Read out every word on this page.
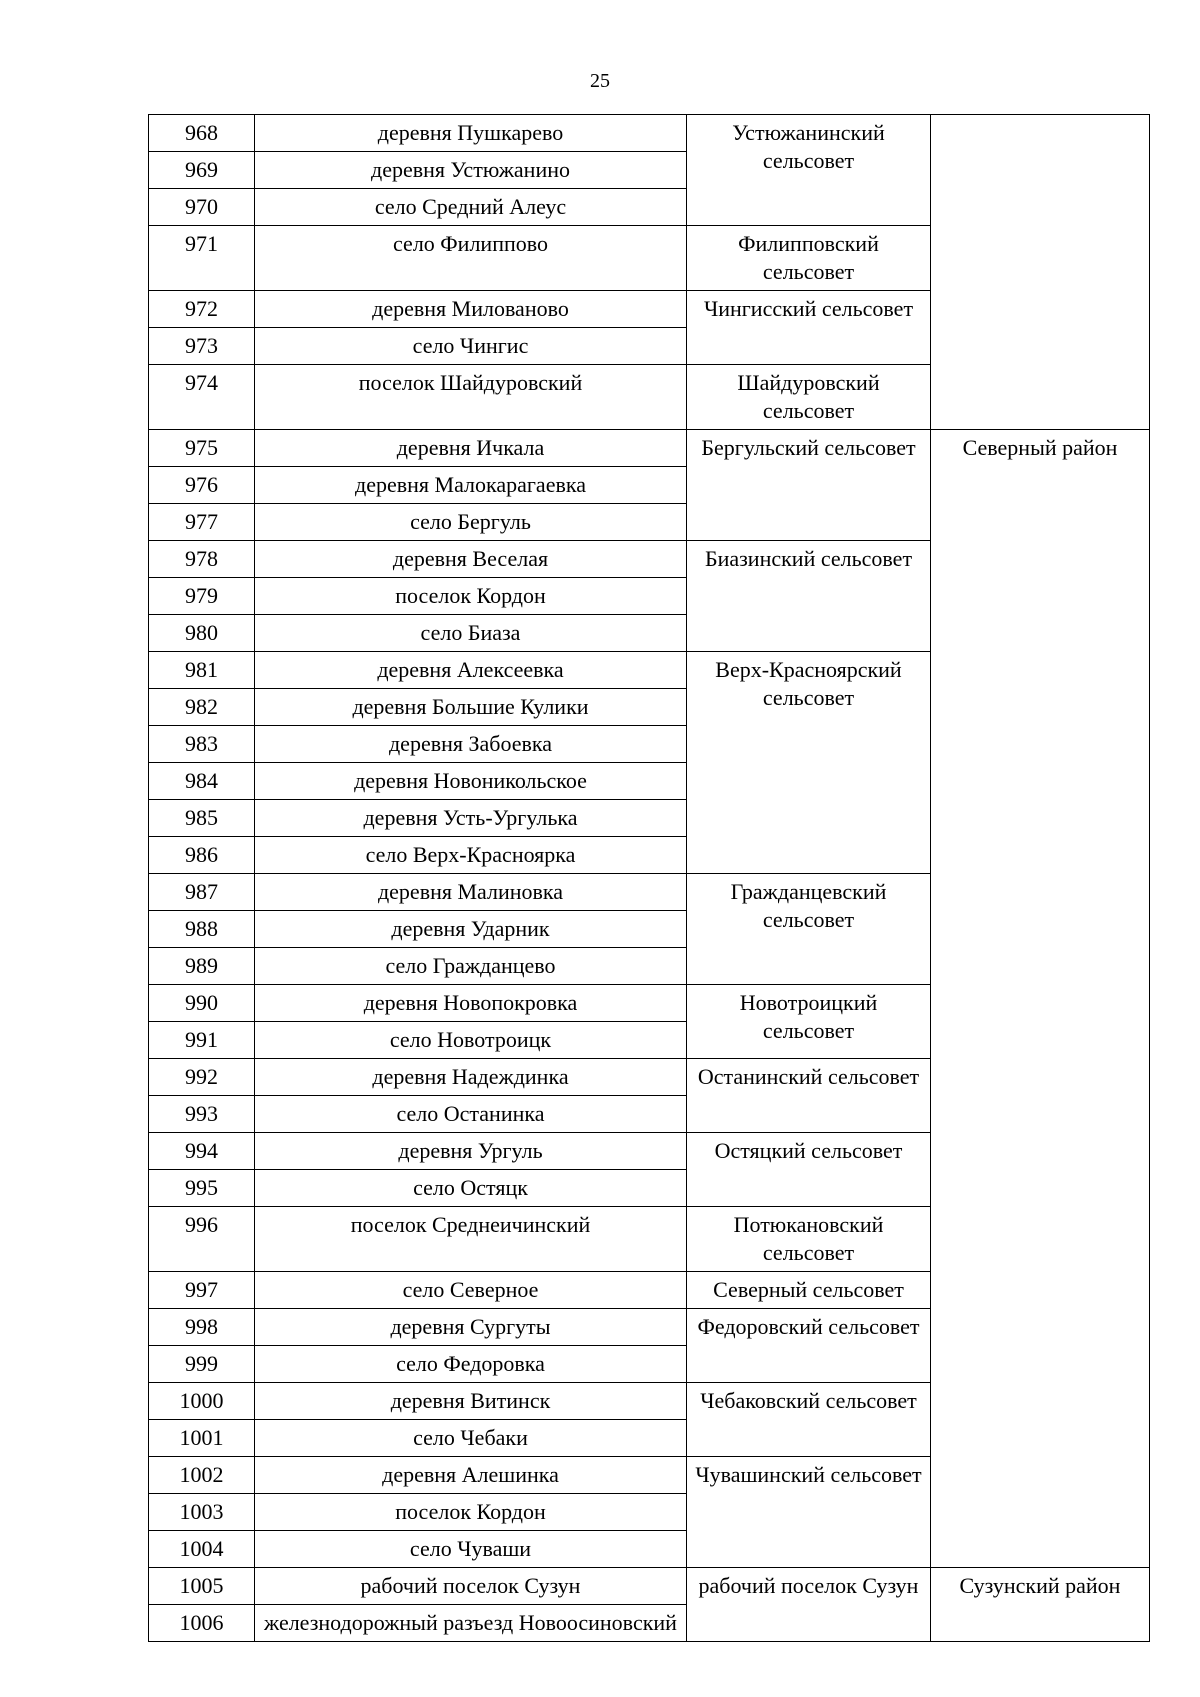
25
968	деревня Пушкарево	Устюжанинский сельсовет	
969	деревня Устюжанино		
970	село Средний Алеус		
971	село Филиппово	Филипповский сельсовет	
972	деревня Милованово	Чингисский сельсовет	
973	село Чингис		
974	поселок Шайдуровский	Шайдуровский сельсовет	
975	деревня Ичкала	Бергульский сельсовет	Северный район
976	деревня Малокарагаевка		
977	село Бергуль		
978	деревня Веселая	Биазинский сельсовет	
979	поселок Кордон		
980	село Биаза		
981	деревня Алексеевка	Верх-Красноярский сельсовет	
982	деревня Большие Кулики		
983	деревня Забоевка		
984	деревня Новоникольское		
985	деревня Усть-Ургулька		
986	село Верх-Красноярка		
987	деревня Малиновка	Гражданцевский сельсовет	
988	деревня Ударник		
989	село Гражданцево		
990	деревня Новопокровка	Новотроицкий сельсовет	
991	село Новотроицк		
992	деревня Надеждинка	Останинский сельсовет	
993	село Останинка		
994	деревня Ургуль	Остяцкий сельсовет	
995	село Остяцк		
996	поселок Среднеичинский	Потюкановский сельсовет	
997	село Северное	Северный сельсовет	
998	деревня Сургуты	Федоровский сельсовет	
999	село Федоровка		
1000	деревня Витинск	Чебаковский сельсовет	
1001	село Чебаки		
1002	деревня Алешинка	Чувашинский сельсовет	
1003	поселок Кордон		
1004	село Чуваши		
1005	рабочий поселок Сузун	рабочий поселок Сузун	Сузунский район
1006	железнодорожный разъезд Новоосиновский		
